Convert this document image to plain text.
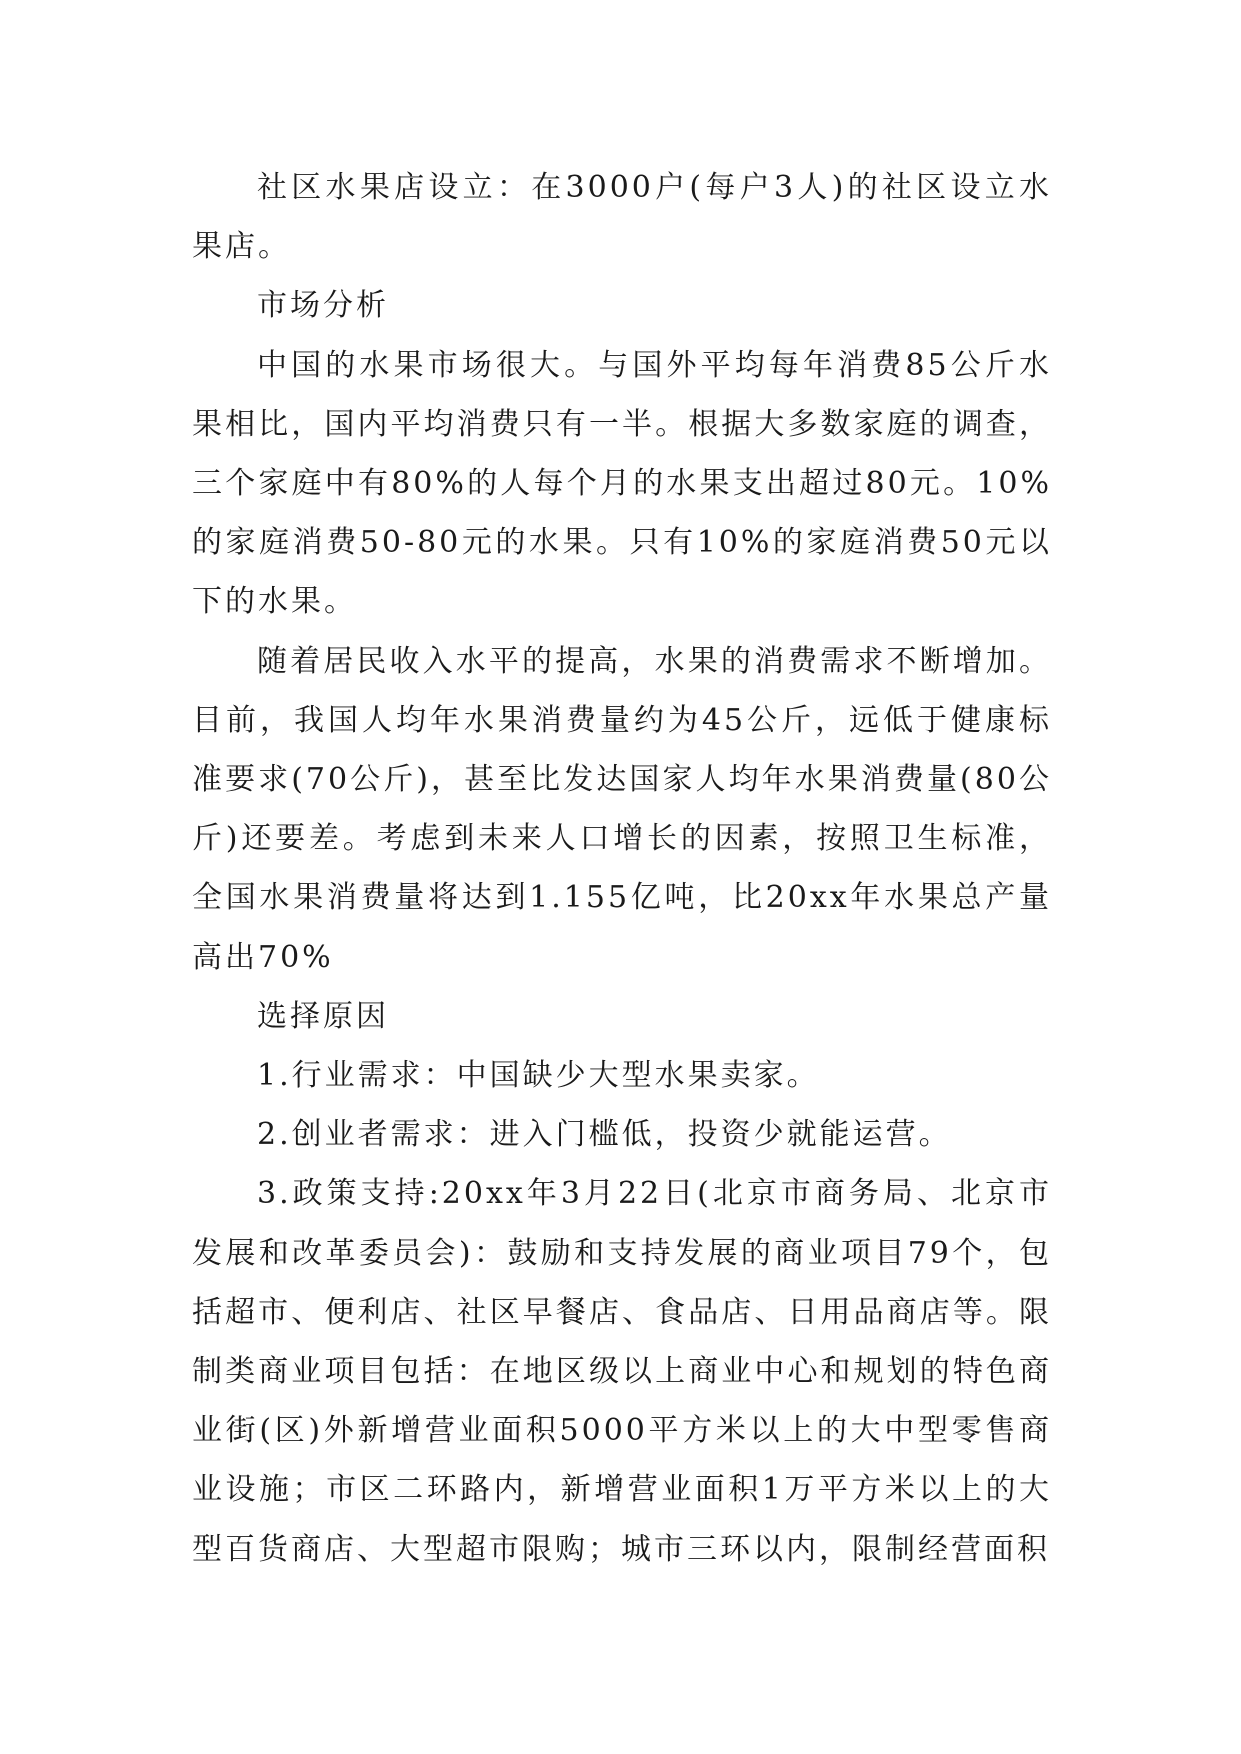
社区水果店设立：在3000户(每户3人)的社区设立水果店。

市场分析

中国的水果市场很大。与国外平均每年消费85公斤水果相比，国内平均消费只有一半。根据大多数家庭的调查，三个家庭中有80%的人每个月的水果支出超过80元。10%的家庭消费50-80元的水果。只有10%的家庭消费50元以下的水果。

随着居民收入水平的提高，水果的消费需求不断增加。目前，我国人均年水果消费量约为45公斤，远低于健康标准要求(70公斤)，甚至比发达国家人均年水果消费量(80公斤)还要差。考虑到未来人口增长的因素，按照卫生标准，全国水果消费量将达到1.155亿吨，比20xx年水果总产量高出70%

选择原因

1.行业需求：中国缺少大型水果卖家。

2.创业者需求：进入门槛低，投资少就能运营。

3.政策支持:20xx年3月22日(北京市商务局、北京市发展和改革委员会)：鼓励和支持发展的商业项目79个，包括超市、便利店、社区早餐店、食品店、日用品商店等。限制类商业项目包括：在地区级以上商业中心和规划的特色商业街(区)外新增营业面积5000平方米以上的大中型零售商业设施；市区二环路内，新增营业面积1万平方米以上的大型百货商店、大型超市限购；城市三环以内，限制经营面积
